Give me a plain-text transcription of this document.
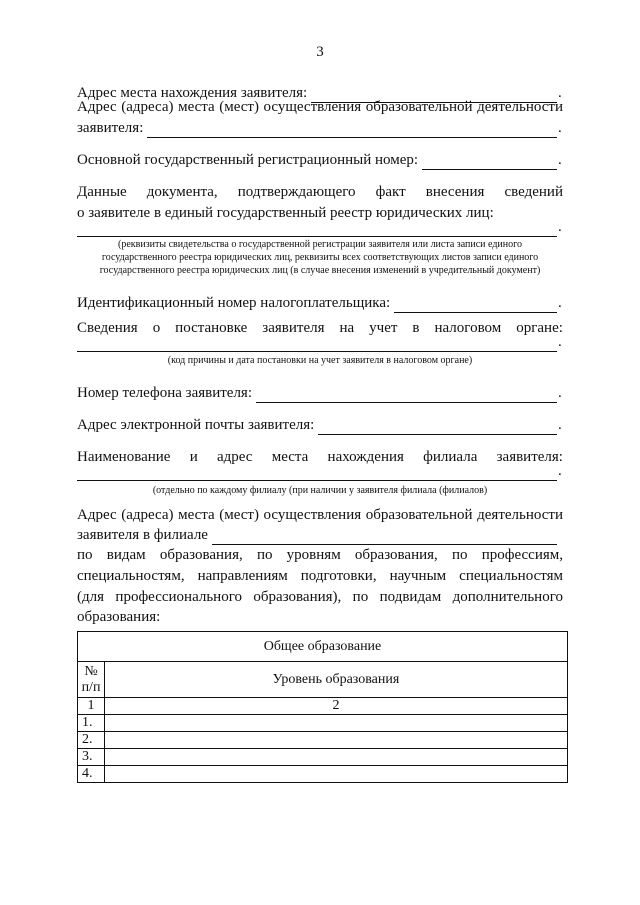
3
Адрес места нахождения заявителя:	.
Адрес (адреса) места (мест) осуществления образовательной деятельности
заявителя:	.
Основной государственный регистрационный номер:	.
Данные документа, подтверждающего факт внесения сведений
о заявителе в единый государственный реестр юридических лиц:
.
(реквизиты свидетельства о государственной регистрации заявителя или листа записи единого
государственного реестра юридических лиц, реквизиты всех соответствующих листов записи единого
государственного реестра юридических лиц (в случае внесения изменений в учредительный документ)
Идентификационный номер налогоплательщика:	.
Сведения о постановке заявителя на учет в налоговом органе:
.
(код причины и дата постановки на учет заявителя в налоговом органе)
Номер телефона заявителя:	.
Адрес электронной почты заявителя:	.
Наименование и адрес места нахождения филиала заявителя:
.
(отдельно по каждому филиалу (при наличии у заявителя филиала (филиалов)
Адрес (адреса) места (мест) осуществления образовательной деятельности
заявителя в филиале
по видам образования, по уровням образования, по профессиям,
специальностям, направлениям подготовки, научным специальностям
(для профессионального образования), по подвидам дополнительного
образования:
Общее образование	

№
п/п	Уровень образования
1	2
1.	
2.	
3.	
4.	
